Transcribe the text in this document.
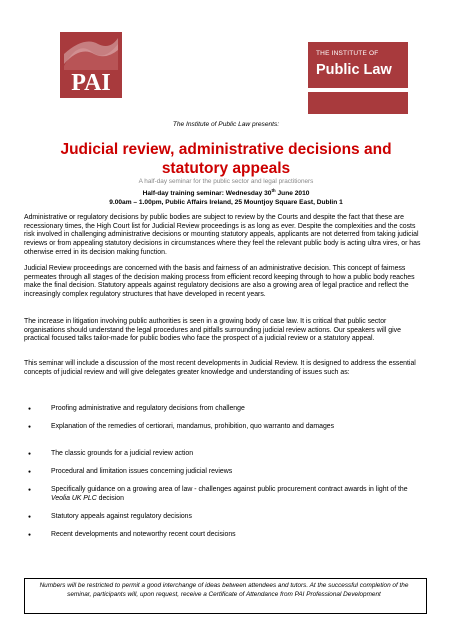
PAI
THE INSTITUTE OF
Public Law
The Institute of Public Law presents:
Judicial review, administrative decisions and statutory appeals
A half-day seminar for the public sector and legal practitioners
Half-day training seminar: Wednesday 30th June 2010
9.00am – 1.00pm, Public Affairs Ireland, 25 Mountjoy Square East, Dublin 1
Administrative or regulatory decisions by public bodies are subject to review by the Courts and despite the fact that these are recessionary times, the High Court list for Judicial Review proceedings is as long as ever. Despite the complexities and the costs risk involved in challenging administrative decisions or mounting statutory appeals, applicants are not deterred from taking judicial reviews or from appealing statutory decisions in circumstances where they feel the relevant public body is acting ultra vires, or has otherwise erred in its decision making function.
Judicial Review proceedings are concerned with the basis and fairness of an administrative decision. This concept of fairness permeates through all stages of the decision making process from efficient record keeping through to how a public body reaches make the final decision. Statutory appeals against regulatory decisions are also a growing area of legal practice and reflect the increasingly complex regulatory structures that have developed in recent years.
The increase in litigation involving public authorities is seen in a growing body of case law. It is critical that public sector organisations should understand the legal procedures and pitfalls surrounding judicial review actions. Our speakers will give practical focused talks tailor-made for public bodies who face the prospect of a judicial review or a statutory appeal.
This seminar will include a discussion of the most recent developments in Judicial Review. It is designed to address the essential concepts of judicial review and will give delegates greater knowledge and understanding of issues such as:
●	Proofing administrative and regulatory decisions from challenge
●	Explanation of the remedies of certiorari, mandamus, prohibition, quo warranto and damages
●	The classic grounds for a judicial review action
●	Procedural and limitation issues concerning judicial reviews
●	Specifically guidance on a growing area of law - challenges against public procurement contract awards in light of the Veolia UK PLC decision
●	Statutory appeals against regulatory decisions
●	Recent developments and noteworthy recent court decisions
Numbers will be restricted to permit a good interchange of ideas between attendees and tutors. At the successful completion of the seminar, participants will, upon request, receive a Certificate of Attendance from PAI Professional Development
